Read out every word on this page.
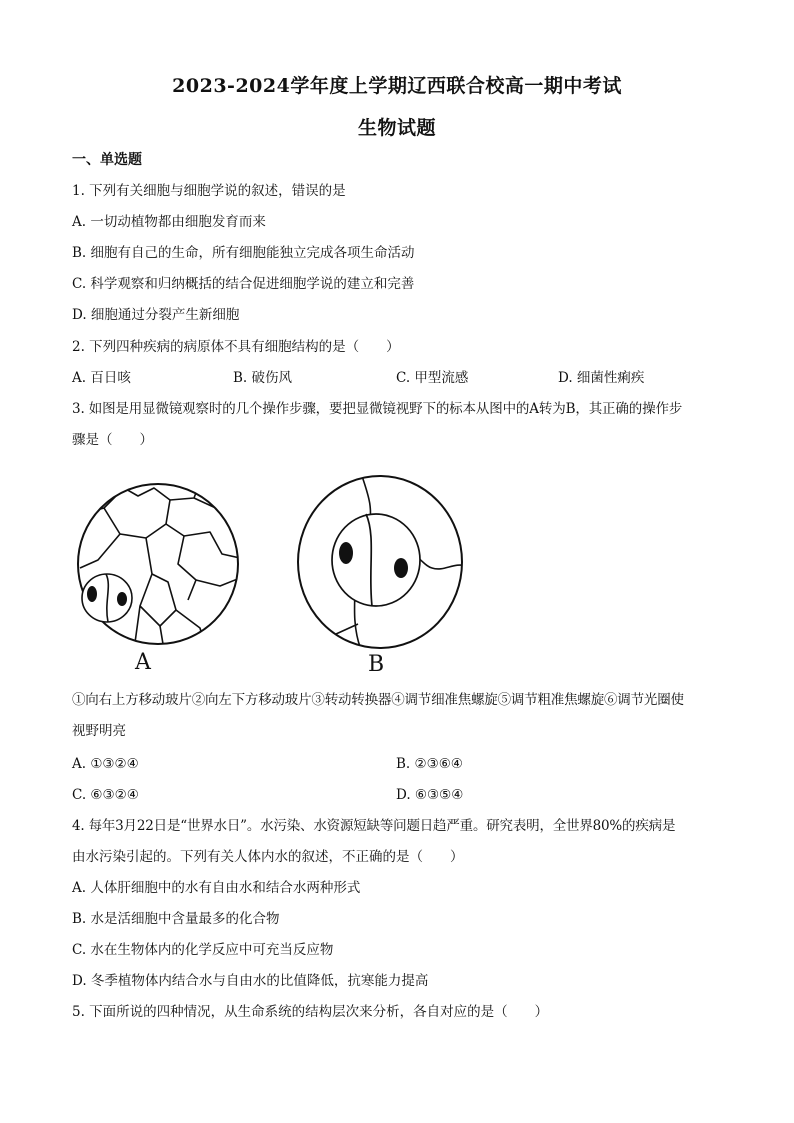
2023-2024学年度上学期辽西联合校高一期中考试
生物试题
一、单选题
1. 下列有关细胞与细胞学说的叙述，错误的是
A. 一切动植物都由细胞发育而来
B. 细胞有自己的生命，所有细胞能独立完成各项生命活动
C. 科学观察和归纳概括的结合促进细胞学说的建立和完善
D. 细胞通过分裂产生新细胞
2. 下列四种疾病的病原体不具有细胞结构的是（　　）
A. 百日咳	B. 破伤风	C. 甲型流感	D. 细菌性痢疾
3. 如图是用显微镜观察时的几个操作步骤，要把显微镜视野下的标本从图中的A转为B，其正确的操作步
骤是（　　）
A	B
①向右上方移动玻片②向左下方移动玻片③转动转换器④调节细准焦螺旋⑤调节粗准焦螺旋⑥调节光圈使
视野明亮
A. ①③②④	B. ②③⑥④
C. ⑥③②④	D. ⑥③⑤④
4. 每年3月22日是“世界水日”。水污染、水资源短缺等问题日趋严重。研究表明，全世界80%的疾病是
由水污染引起的。下列有关人体内水的叙述，不正确的是（　　）
A. 人体肝细胞中的水有自由水和结合水两种形式
B. 水是活细胞中含量最多的化合物
C. 水在生物体内的化学反应中可充当反应物
D. 冬季植物体内结合水与自由水的比值降低，抗寒能力提高
5. 下面所说的四种情况，从生命系统的结构层次来分析，各自对应的是（　　）
